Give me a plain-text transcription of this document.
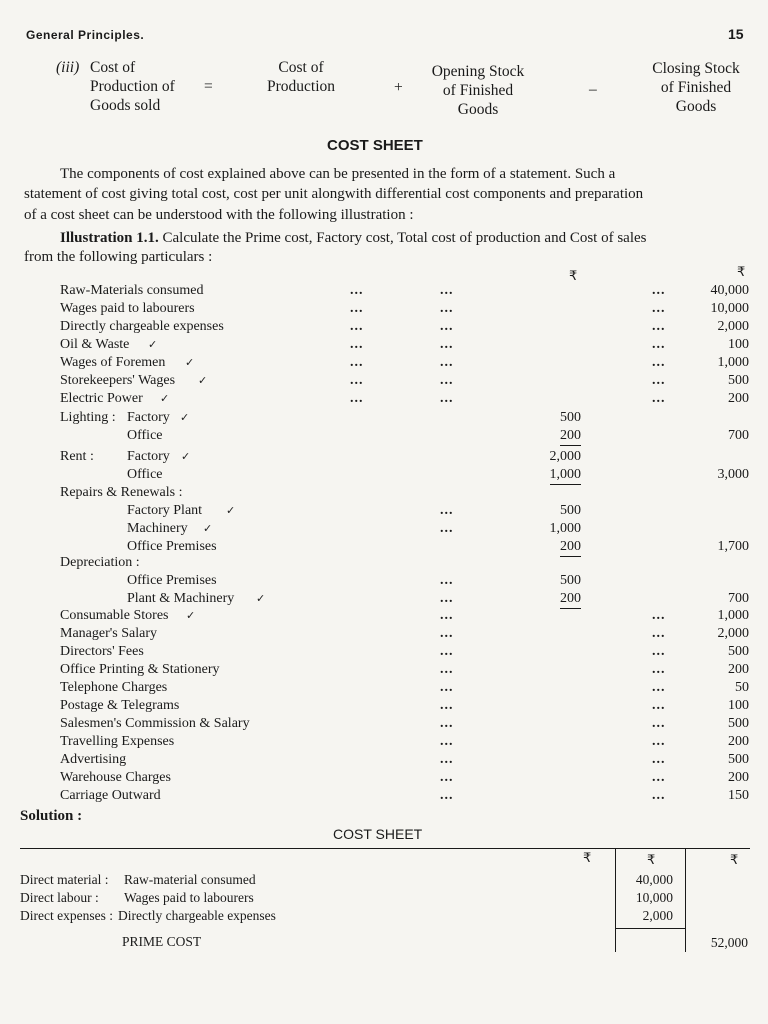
General Principles.	15
(iii) Cost of
Production of
Goods sold
=
Cost of
Production	+
Opening Stock
of Finished
Goods
–
Closing Stock
of Finished
Goods
COST SHEET
The components of cost explained above can be presented in the form of a statement. Such a
statement of cost giving total cost, cost per unit alongwith differential cost components and preparation
of a cost sheet can be understood with the following illustration :
Illustration 1.1. Calculate the Prime cost, Factory cost, Total cost of production and Cost of sales
from the following particulars :
₹	₹
Raw-Materials consumed	...	...	...	40,000
Wages paid to labourers	...	...	...	10,000
Directly chargeable expenses	...	...	...	2,000
Oil & Waste ✓	...	...	...	100
Wages of Foremen ✓	...	...	...	1,000
Storekeepers' Wages ✓	...	...	...	500
Electric Power ✓	...	...	...	200
Lighting : Factory ✓	500
Office	200	700
Rent : Factory ✓	2,000
Office	1,000	3,000
Repairs & Renewals :
Factory Plant ✓	...	500
Machinery ✓	...	1,000
Office Premises	200	1,700
Depreciation :
Office Premises	...	500
Plant & Machinery ✓	...	200	700
Consumable Stores ✓	...	...	1,000
Manager's Salary	...	...	2,000
Directors' Fees	...	...	500
Office Printing & Stationery	...	...	200
Telephone Charges	...	...	50
Postage & Telegrams	...	...	100
Salesmen's Commission & Salary	...	...	500
Travelling Expenses	...	...	200
Advertising	...	...	500
Warehouse Charges	...	...	200
Carriage Outward	...	...	150
Solution :
COST SHEET
₹	₹	₹
Direct material : Raw-material consumed	40,000
Direct labour : Wages paid to labourers	10,000
Direct expenses : Directly chargeable expenses	2,000
PRIME COST	52,000
